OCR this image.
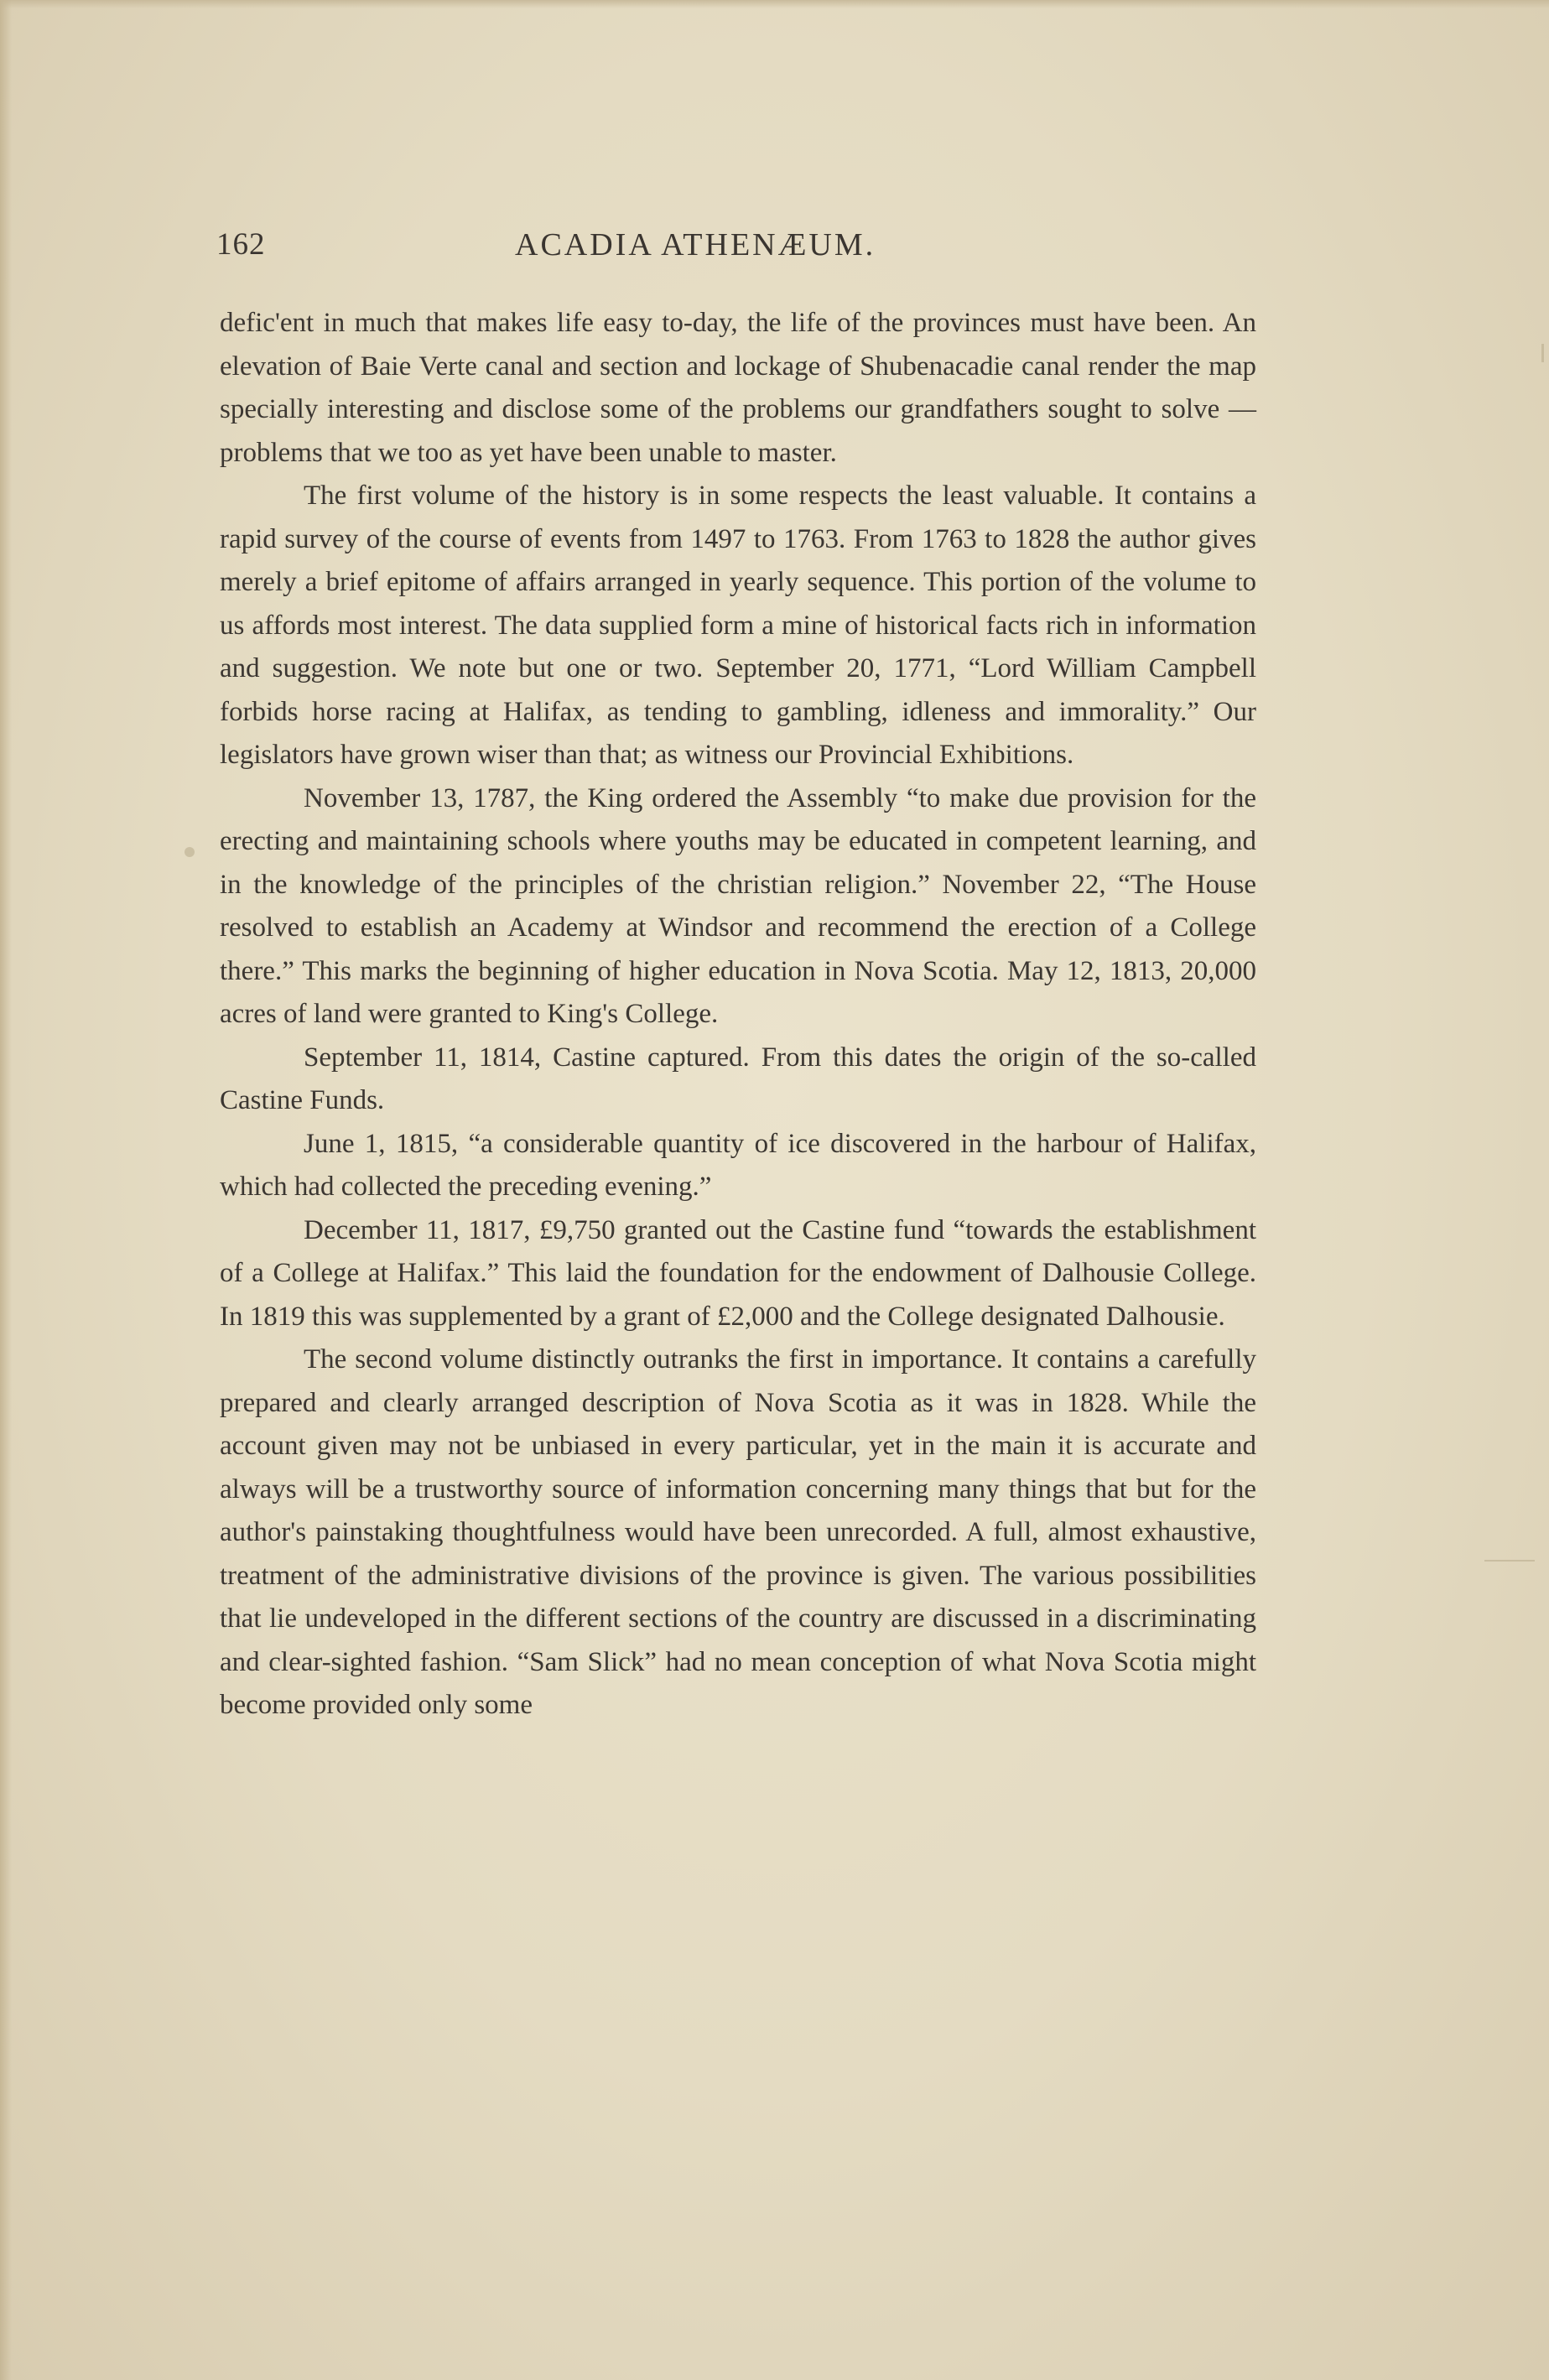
162	ACADIA ATHENÆUM.

defic'ent in much that makes life easy to-day, the life of the provinces must have been. An elevation of Baie Verte canal and section and lockage of Shubenacadie canal render the map specially interesting and disclose some of the problems our grandfathers sought to solve —problems that we too as yet have been unable to master.

The first volume of the history is in some respects the least valuable. It contains a rapid survey of the course of events from 1497 to 1763. From 1763 to 1828 the author gives merely a brief epitome of affairs arranged in yearly sequence. This portion of the volume to us affords most interest. The data supplied form a mine of historical facts rich in information and suggestion. We note but one or two. September 20, 1771, “Lord William Campbell forbids horse racing at Halifax, as tending to gambling, idleness and immorality.” Our legislators have grown wiser than that; as witness our Provincial Exhibitions.

November 13, 1787, the King ordered the Assembly “to make due provision for the erecting and maintaining schools where youths may be educated in competent learning, and in the knowledge of the principles of the christian religion.” November 22, “The House resolved to establish an Academy at Windsor and recommend the erection of a College there.” This marks the beginning of higher education in Nova Scotia. May 12, 1813, 20,000 acres of land were granted to King's College.

September 11, 1814, Castine captured. From this dates the origin of the so-called Castine Funds.

June 1, 1815, “a considerable quantity of ice discovered in the harbour of Halifax, which had collected the preceding evening.”

December 11, 1817, £9,750 granted out the Castine fund “towards the establishment of a College at Halifax.” This laid the foundation for the endowment of Dalhousie College. In 1819 this was supplemented by a grant of £2,000 and the College designated Dalhousie.

The second volume distinctly outranks the first in importance. It contains a carefully prepared and clearly arranged description of Nova Scotia as it was in 1828. While the account given may not be unbiased in every particular, yet in the main it is accurate and always will be a trustworthy source of information concerning many things that but for the author's painstaking thoughtfulness would have been unrecorded. A full, almost exhaustive, treatment of the administrative divisions of the province is given. The various possibilities that lie undeveloped in the different sections of the country are discussed in a discriminating and clear-sighted fashion. “Sam Slick” had no mean conception of what Nova Scotia might become provided only some
